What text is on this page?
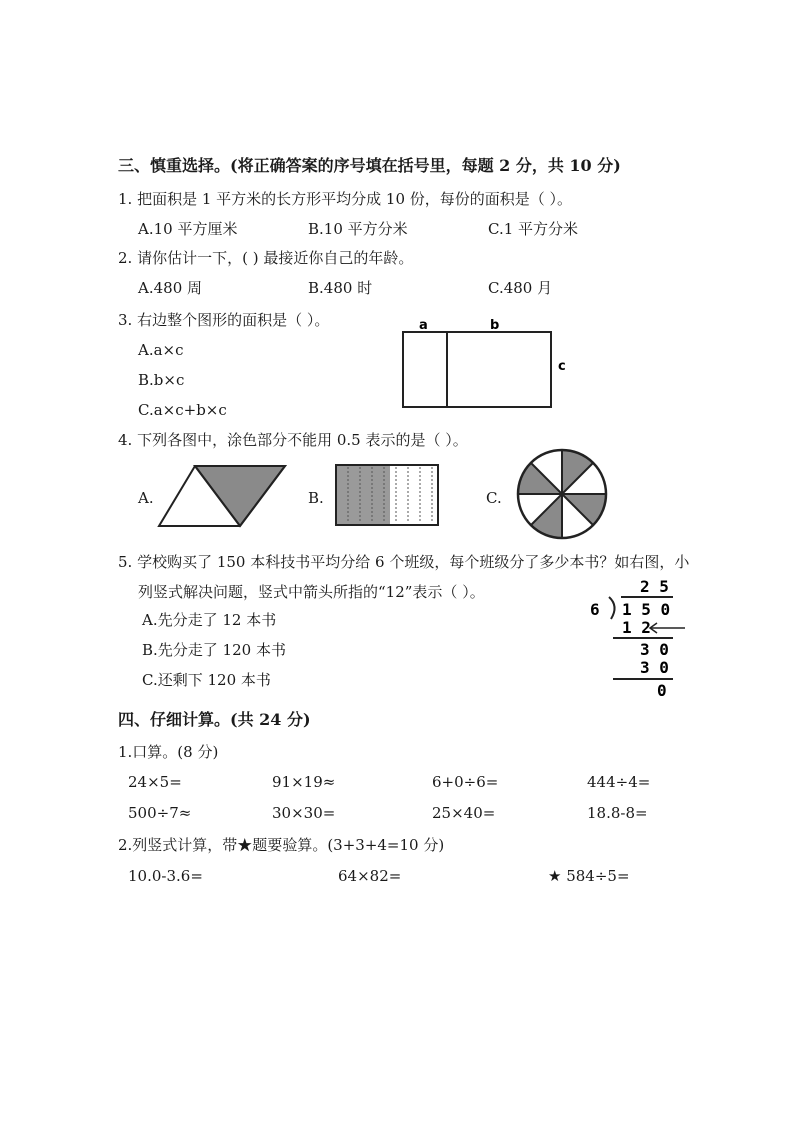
三、慎重选择。(将正确答案的序号填在括号里，每题 2 分，共 10 分)
1. 把面积是 1 平方米的长方形平均分成 10 份，每份的面积是（ ）。
A.10 平方厘米	B.10 平方分米	C.1 平方分米
2. 请你估计一下，( ) 最接近你自己的年龄。
A.480 周	B.480 时	C.480 月
3. 右边整个图形的面积是（ ）。
A.a×c
B.b×c
C.a×c+b×c
a	b
c
4. 下列各图中，涂色部分不能用 0.5 表示的是（ ）。
A.	B.	C.
5. 学校购买了 150 本科技书平均分给 6 个班级，每个班级分了多少本书？如右图，小
列竖式解决问题，竖式中箭头所指的“12”表示（ ）。
A.先分走了 12 本书
B.先分走了 120 本书
C.还剩下 120 本书
2 5
6 1 5 0
1 2
3 0
3 0
0
四、仔细计算。(共 24 分)
1.口算。(8 分)
24×5=	91×19≈	6+0÷6=	444÷4=
500÷7≈	30×30=	25×40=	18.8-8=
2.列竖式计算，带★题要验算。(3+3+4=10 分)
10.0-3.6=	64×82=	★ 584÷5=
